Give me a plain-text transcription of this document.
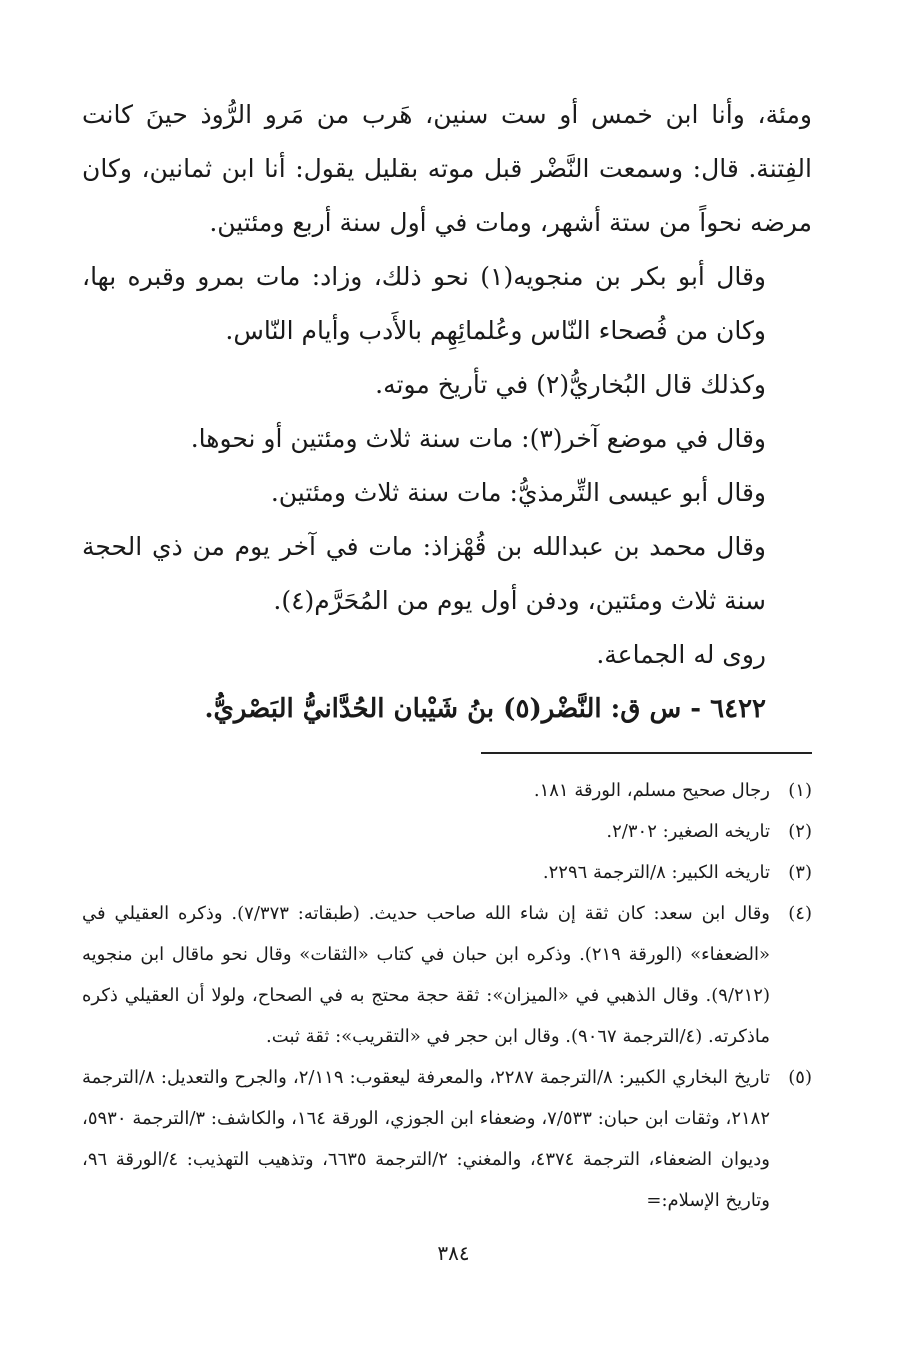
ومئة، وأنا ابن خمس أو ست سنين، هَرب من مَرو الرُّوذ حينَ كانت الفِتنة. قال: وسمعت النَّضْر قبل موته بقليل يقول: أنا ابن ثمانين، وكان مرضه نحواً من ستة أشهر، ومات في أول سنة أربع ومئتين.

وقال أبو بكر بن منجويه(١) نحو ذلك، وزاد: مات بمرو وقبره بها، وكان من فُصحاء النّاس وعُلمائِهِم بالأَدب وأيام النّاس.

وكذلك قال البُخاريُّ(٢) في تأريخ موته.

وقال في موضع آخر(٣): مات سنة ثلاث ومئتين أو نحوها.

وقال أبو عيسى التِّرمذيُّ: مات سنة ثلاث ومئتين.

وقال محمد بن عبدالله بن قُهْزاذ: مات في آخر يوم من ذي الحجة سنة ثلاث ومئتين، ودفن أول يوم من المُحَرَّم(٤).

روى له الجماعة.

٦٤٢٢ - س ق: النَّضْر(٥) بنُ شَيْبان الحُدَّانيُّ البَصْريُّ.

(١)
رجال صحيح مسلم، الورقة ١٨١.
(٢)
تاريخه الصغير: ٢/٣٠٢.
(٣)
تاريخه الكبير: ٨/الترجمة ٢٢٩٦.
(٤)
وقال ابن سعد: كان ثقة إن شاء الله صاحب حديث. (طبقاته: ٧/٣٧٣). وذكره العقيلي في «الضعفاء» (الورقة ٢١٩). وذكره ابن حبان في كتاب «الثقات» وقال نحو ماقال ابن منجويه (٩/٢١٢). وقال الذهبي في «الميزان»: ثقة حجة محتج به في الصحاح، ولولا أن العقيلي ذكره ماذكرته. (٤/الترجمة ٩٠٦٧). وقال ابن حجر في «التقريب»: ثقة ثبت.
(٥)
تاريخ البخاري الكبير: ٨/الترجمة ٢٢٨٧، والمعرفة ليعقوب: ٢/١١٩، والجرح والتعديل: ٨/الترجمة ٢١٨٢، وثقات ابن حبان: ٧/٥٣٣، وضعفاء ابن الجوزي، الورقة ١٦٤، والكاشف: ٣/الترجمة ٥٩٣٠، وديوان الضعفاء، الترجمة ٤٣٧٤، والمغني: ٢/الترجمة ٦٦٣٥، وتذهيب التهذيب: ٤/الورقة ٩٦، وتاريخ الإسلام:=
٣٨٤
